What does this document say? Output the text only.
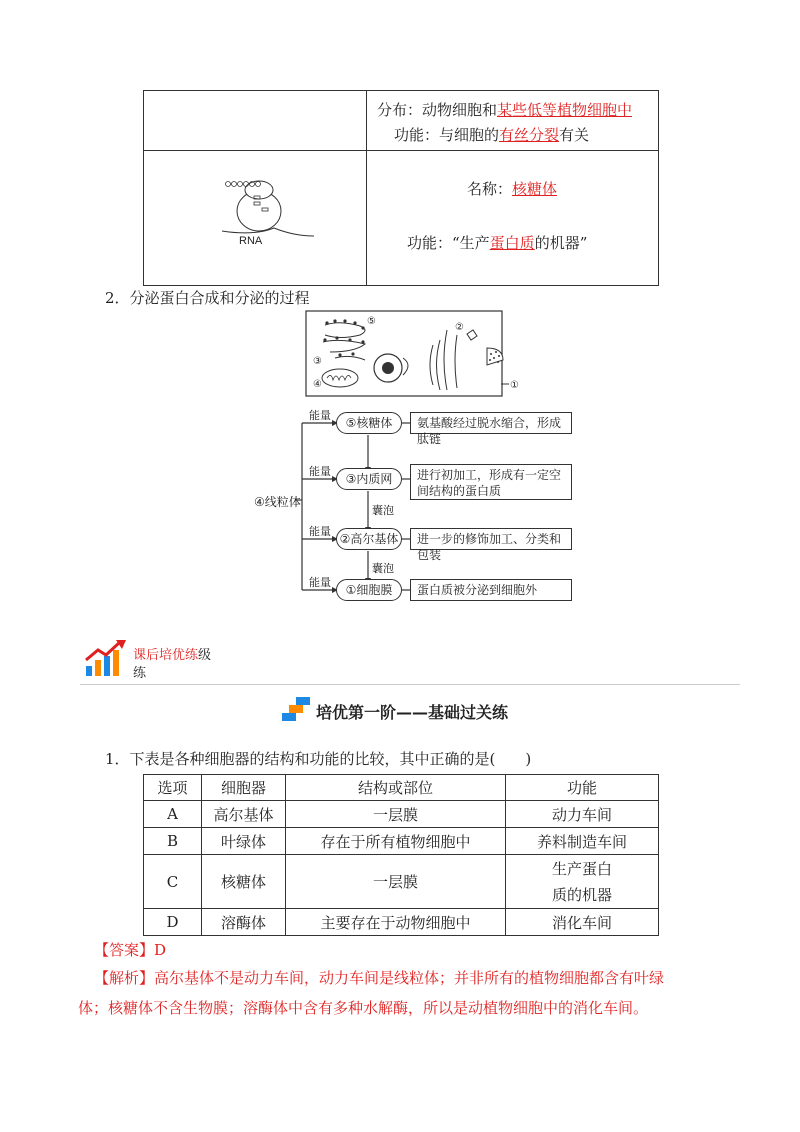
分布：动物细胞和某些低等植物细胞中
功能：与细胞的有丝分裂有关
RNA
名称：核糖体
功能：“生产蛋白质的机器”
2．分泌蛋白合成和分泌的过程
⑤
③
④
②
①
④线粒体
能量
能量
能量
能量
囊泡
囊泡
⑤核糖体
③内质网
②高尔基体
①细胞膜
氨基酸经过脱水缩合，形成肽链
进行初加工，形成有一定空间结构的蛋白质
进一步的修饰加工、分类和包装
蛋白质被分泌到细胞外
课后培优练级
练
培优第一阶——基础过关练
1．下表是各种细胞器的结构和功能的比较，其中正确的是(　　)
选项	细胞器	结构或部位	功能
A	高尔基体	一层膜	动力车间
B	叶绿体	存在于所有植物细胞中	养料制造车间
C	核糖体	一层膜	生产蛋白
质的机器
D	溶酶体	主要存在于动物细胞中	消化车间
【答案】D
【解析】高尔基体不是动力车间，动力车间是线粒体；并非所有的植物细胞都含有叶绿
体；核糖体不含生物膜；溶酶体中含有多种水解酶，所以是动植物细胞中的消化车间。
